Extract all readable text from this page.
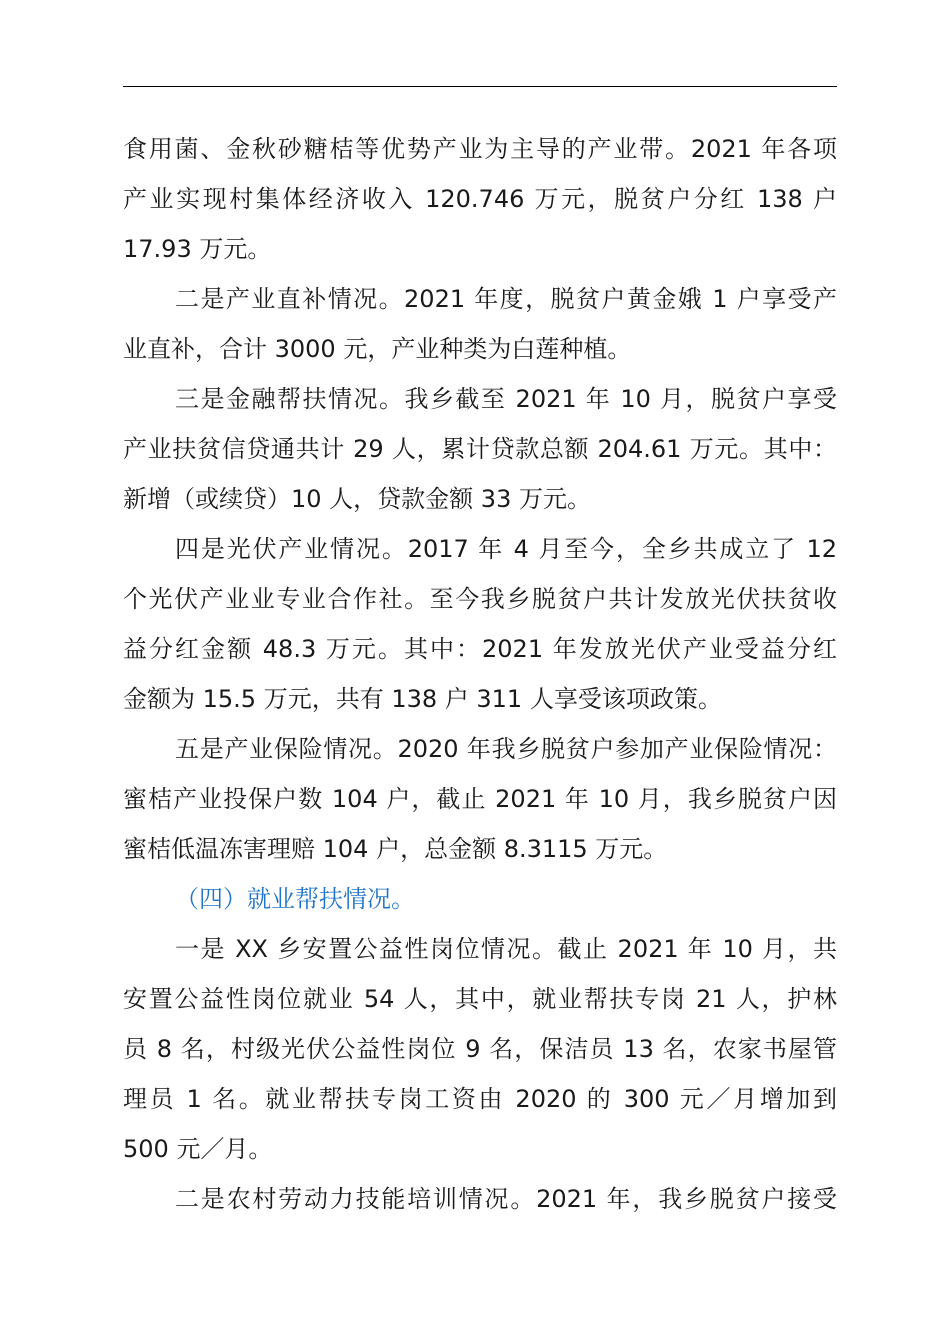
食用菌、金秋砂糖桔等优势产业为主导的产业带。2021 年各项
产业实现村集体经济收入 120.746 万元，脱贫户分红 138 户
17.93 万元。
二是产业直补情况。2021 年度，脱贫户黄金娥 1 户享受产
业直补，合计 3000 元，产业种类为白莲种植。
三是金融帮扶情况。我乡截至 2021 年 10 月，脱贫户享受
产业扶贫信贷通共计 29 人，累计贷款总额 204.61 万元。其中：
新增（或续贷）10 人，贷款金额 33 万元。
四是光伏产业情况。2017 年 4 月至今，全乡共成立了 12
个光伏产业业专业合作社。至今我乡脱贫户共计发放光伏扶贫收
益分红金额 48.3 万元。其中：2021 年发放光伏产业受益分红
金额为 15.5 万元，共有 138 户 311 人享受该项政策。
五是产业保险情况。2020 年我乡脱贫户参加产业保险情况：
蜜桔产业投保户数 104 户，截止 2021 年 10 月，我乡脱贫户因
蜜桔低温冻害理赔 104 户，总金额 8.3115 万元。
（四）就业帮扶情况。
一是 XX 乡安置公益性岗位情况。截止 2021 年 10 月，共
安置公益性岗位就业 54 人，其中，就业帮扶专岗 21 人，护林
员 8 名，村级光伏公益性岗位 9 名，保洁员 13 名，农家书屋管
理员 1 名。就业帮扶专岗工资由 2020 的 300 元／月增加到
500 元／月。
二是农村劳动力技能培训情况。2021 年，我乡脱贫户接受
